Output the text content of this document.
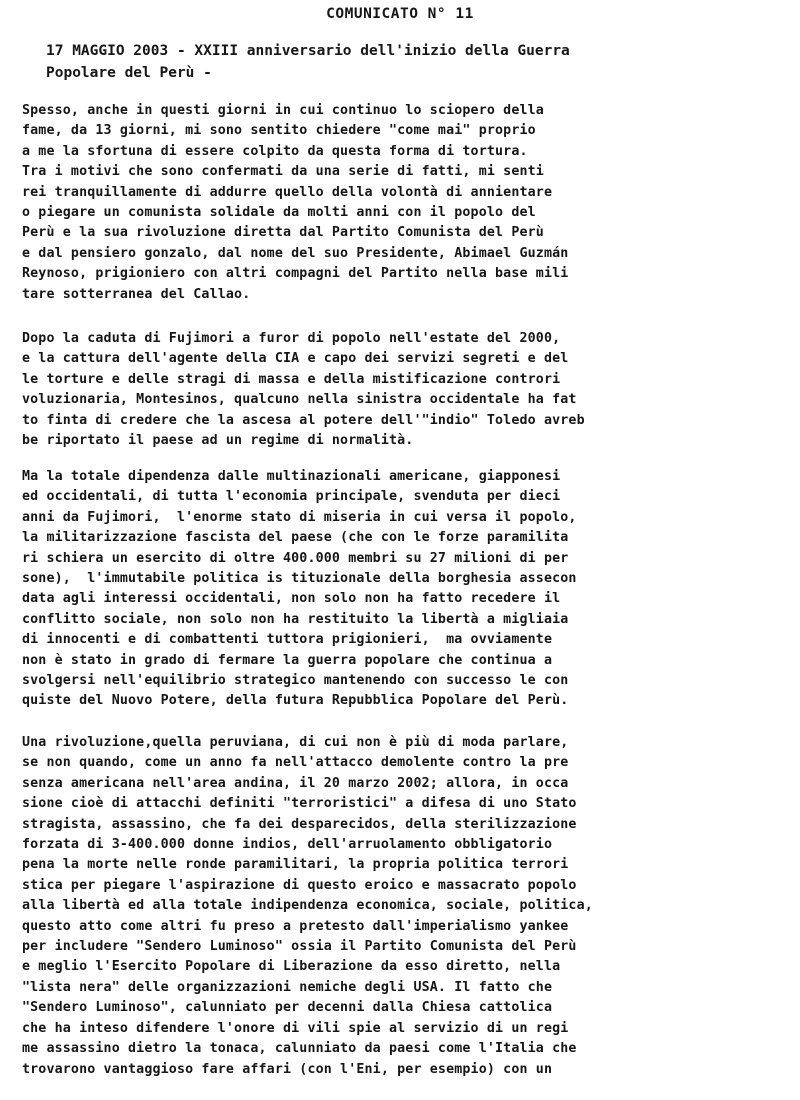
COMUNICATO N° 11
17 MAGGIO 2003 - XXIII anniversario dell'inizio della Guerra
Popolare del Perù -
Spesso, anche in questi giorni in cui continuo lo sciopero della
fame, da 13 giorni, mi sono sentito chiedere "come mai" proprio
a me la sfortuna di essere colpito da questa forma di tortura.
Tra i motivi che sono confermati da una serie di fatti, mi senti
rei tranquillamente di addurre quello della volontà di annientare
o piegare un comunista solidale da molti anni con il popolo del
Perù e la sua rivoluzione diretta dal Partito Comunista del Perù
e dal pensiero gonzalo, dal nome del suo Presidente, Abimael Guzmán
Reynoso, prigioniero con altri compagni del Partito nella base mili
tare sotterranea del Callao.
Dopo la caduta di Fujimori a furor di popolo nell'estate del 2000,
e la cattura dell'agente della CIA e capo dei servizi segreti e del
le torture e delle stragi di massa e della mistificazione controri
voluzionaria, Montesinos, qualcuno nella sinistra occidentale ha fat
to finta di credere che la ascesa al potere dell'"indio" Toledo avreb
be riportato il paese ad un regime di normalità.
Ma la totale dipendenza dalle multinazionali americane, giapponesi
ed occidentali, di tutta l'economia principale, svenduta per dieci
anni da Fujimori,  l'enorme stato di miseria in cui versa il popolo,
la militarizzazione fascista del paese (che con le forze paramilita
ri schiera un esercito di oltre 400.000 membri su 27 milioni di per
sone),  l'immutabile politica is tituzionale della borghesia assecon
data agli interessi occidentali, non solo non ha fatto recedere il
conflitto sociale, non solo non ha restituito la libertà a migliaia
di innocenti e di combattenti tuttora prigionieri,  ma ovviamente
non è stato in grado di fermare la guerra popolare che continua a
svolgersi nell'equilibrio strategico mantenendo con successo le con
quiste del Nuovo Potere, della futura Repubblica Popolare del Perù.
Una rivoluzione,quella peruviana, di cui non è più di moda parlare,
se non quando, come un anno fa nell'attacco demolente contro la pre
senza americana nell'area andina, il 20 marzo 2002; allora, in occa
sione cioè di attacchi definiti "terroristici" a difesa di uno Stato
stragista, assassino, che fa dei desparecidos, della sterilizzazione
forzata di 3-400.000 donne indios, dell'arruolamento obbligatorio
pena la morte nelle ronde paramilitari, la propria politica terrori
stica per piegare l'aspirazione di questo eroico e massacrato popolo
alla libertà ed alla totale indipendenza economica, sociale, politica,
questo atto come altri fu preso a pretesto dall'imperialismo yankee
per includere "Sendero Luminoso" ossia il Partito Comunista del Perù
e meglio l'Esercito Popolare di Liberazione da esso diretto, nella
"lista nera" delle organizzazioni nemiche degli USA. Il fatto che
"Sendero Luminoso", calunniato per decenni dalla Chiesa cattolica
che ha inteso difendere l'onore di vili spie al servizio di un regi
me assassino dietro la tonaca, calunniato da paesi come l'Italia che
trovarono vantaggioso fare affari (con l'Eni, per esempio) con un
